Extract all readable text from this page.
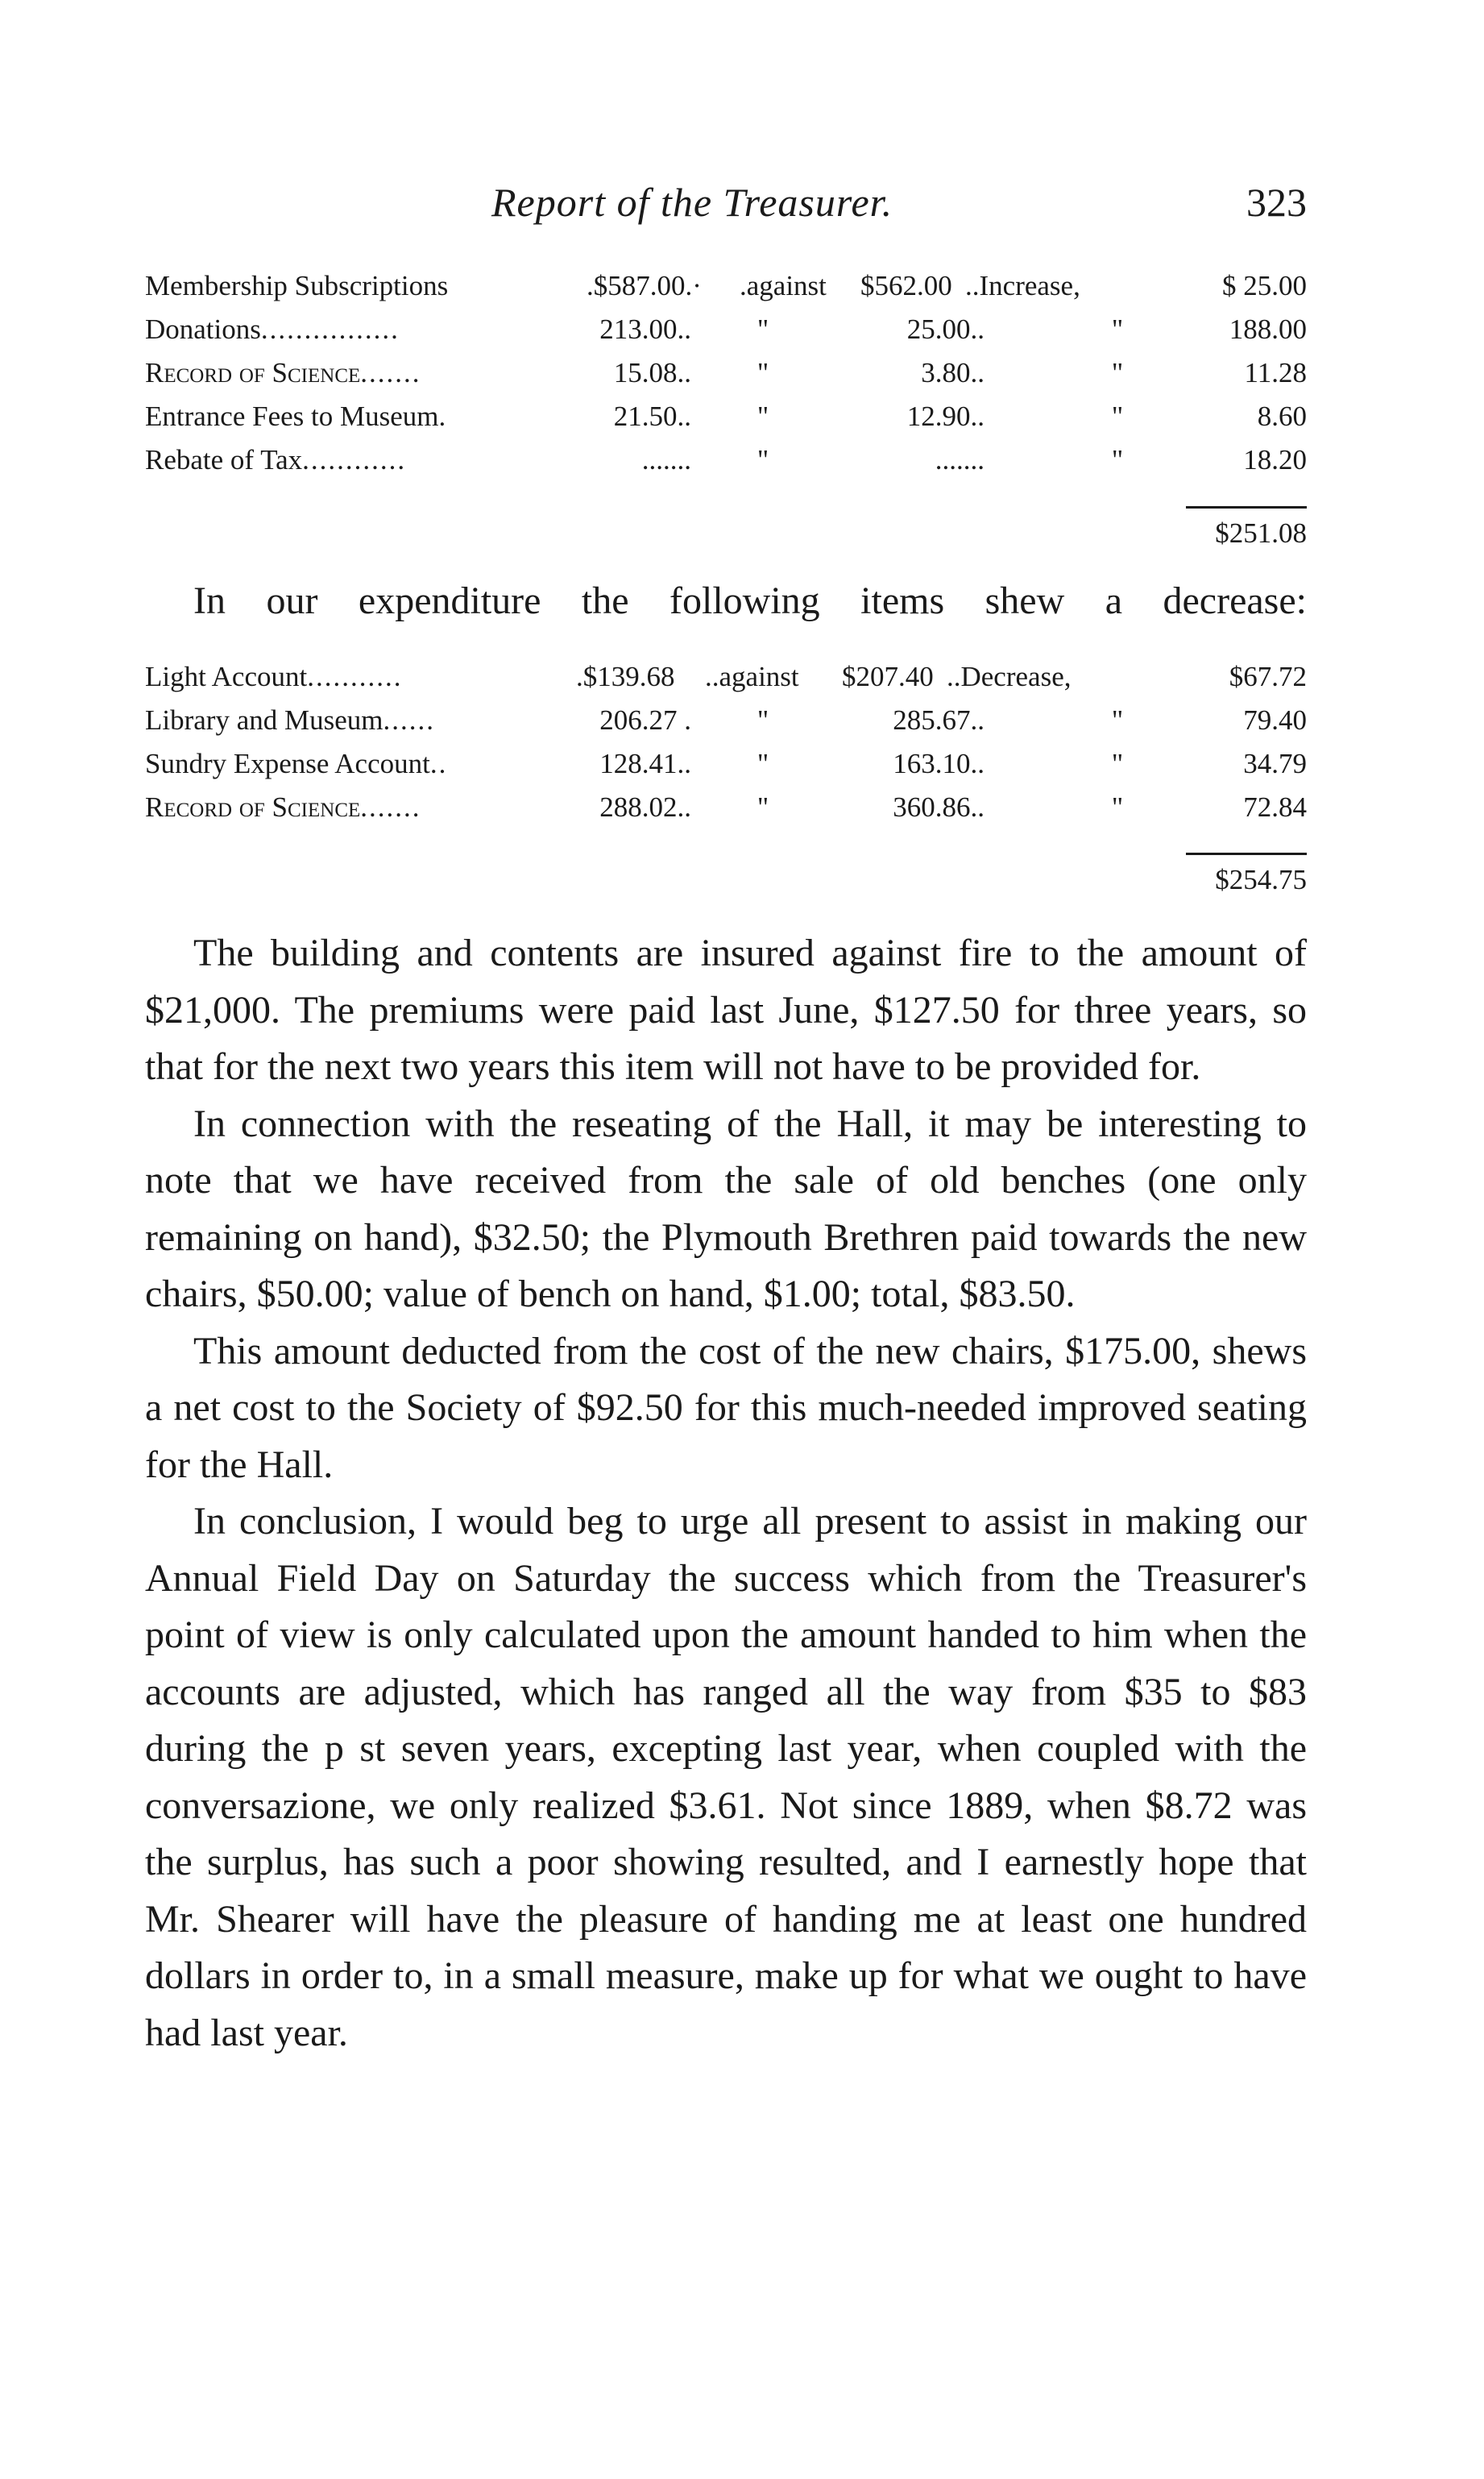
Report of the Treasurer.	323
Membership Subscriptions	.$587.00.·	.against	$562.00 ..Increase,	$ 25.00
Donations................	213.00..	"	25.00..	"	188.00
Record of Science.......	15.08..	"	3.80..	"	11.28
Entrance Fees to Museum.	21.50..	"	12.90..	"	8.60
Rebate of Tax............	.......	"	.......	"	18.20
$251.08
In our expenditure the following items shew a decrease:
Light Account...........	.$139.68	..against	$207.40 ..Decrease,	$67.72
Library and Museum......	206.27 .	"	285.67..	"	79.40
Sundry Expense Account..	128.41..	"	163.10..	"	34.79
Record of Science.......	288.02..	"	360.86..	"	72.84
$254.75

The building and contents are insured against fire to the amount of $21,000. The premiums were paid last June, $127.50 for three years, so that for the next two years this item will not have to be provided for.

In connection with the reseating of the Hall, it may be interesting to note that we have received from the sale of old benches (one only remaining on hand), $32.50; the Plymouth Brethren paid towards the new chairs, $50.00; value of bench on hand, $1.00; total, $83.50.

This amount deducted from the cost of the new chairs, $175.00, shews a net cost to the Society of $92.50 for this much-needed improved seating for the Hall.

In conclusion, I would beg to urge all present to assist in making our Annual Field Day on Saturday the success which from the Treasurer's point of view is only calculated upon the amount handed to him when the accounts are adjusted, which has ranged all the way from $35 to $83 during the p st seven years, excepting last year, when coupled with the conversazione, we only realized $3.61. Not since 1889, when $8.72 was the surplus, has such a poor showing resulted, and I earnestly hope that Mr. Shearer will have the pleasure of handing me at least one hundred dollars in order to, in a small measure, make up for what we ought to have had last year.
